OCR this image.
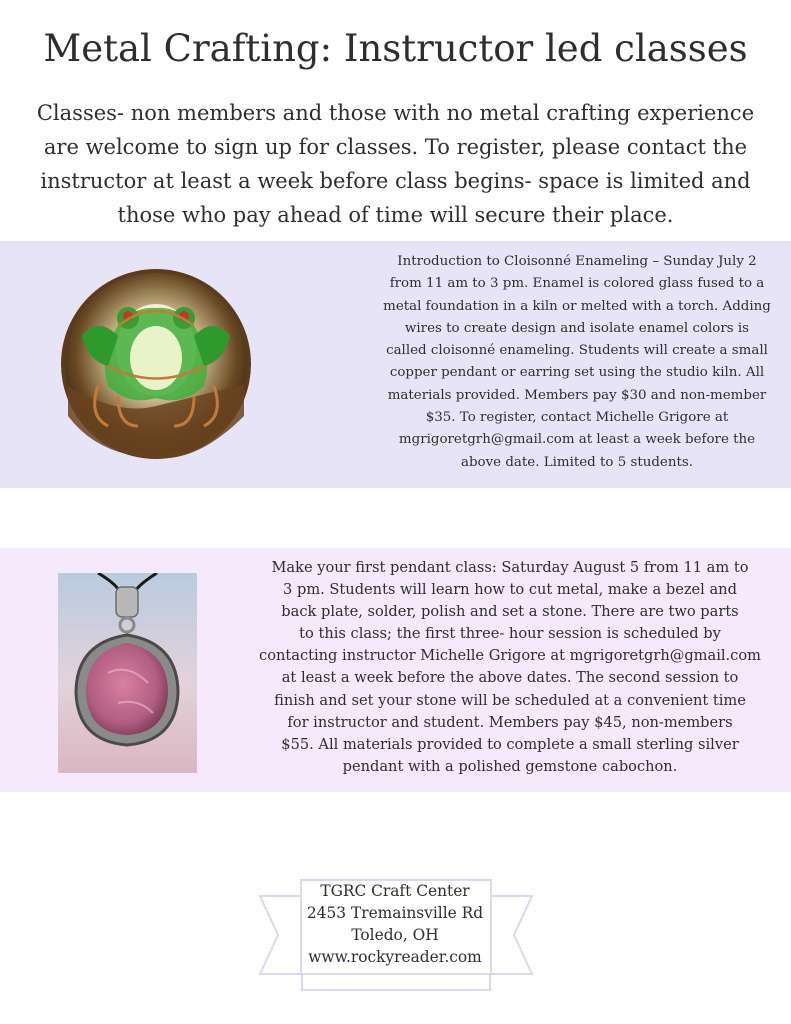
Metal Crafting: Instructor led classes
Classes- non members and those with no metal crafting experience
are welcome to sign up for classes. To register, please contact the
instructor at least a week before class begins- space is limited and
those who pay ahead of time will secure their place.
Introduction to Cloisonné Enameling – Sunday July 2
from 11 am to 3 pm. Enamel is colored glass fused to a
metal foundation in a kiln or melted with a torch. Adding
wires to create design and isolate enamel colors is
called cloisonné enameling. Students will create a small
copper pendant or earring set using the studio kiln. All
materials provided. Members pay $30 and non-member
$35. To register, contact Michelle Grigore at
mgrigoretgrh@gmail.com at least a week before the
above date. Limited to 5 students.
Make your first pendant class: Saturday August 5 from 11 am to
3 pm. Students will learn how to cut metal, make a bezel and
back plate, solder, polish and set a stone. There are two parts
to this class; the first three- hour session is scheduled by
contacting instructor Michelle Grigore at mgrigoretgrh@gmail.com
at least a week before the above dates. The second session to
finish and set your stone will be scheduled at a convenient time
for instructor and student. Members pay $45, non-members
$55. All materials provided to complete a small sterling silver
pendant with a polished gemstone cabochon.
TGRC Craft Center
2453 Tremainsville Rd
Toledo, OH
www.rockyreader.com
